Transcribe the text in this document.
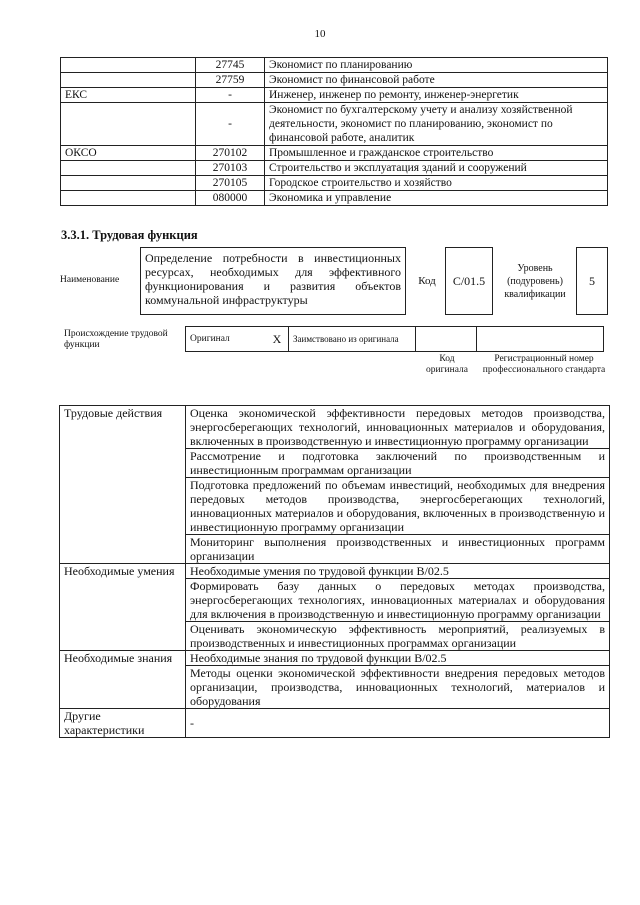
10
	27745	Экономист по планированию
	27759	Экономист по финансовой работе
ЕКС	-	Инженер, инженер по ремонту, инженер-энергетик
	-	Экономист по бухгалтерскому учету и анализу хозяйственной деятельности, экономист по планированию, экономист по финансовой работе, аналитик
ОКСО	270102	Промышленное и гражданское строительство
	270103	Строительство и эксплуатация зданий и сооружений
	270105	Городское строительство и хозяйство
	080000	Экономика и управление
3.3.1. Трудовая функция
Наименование
Определение потребности в инвестиционных ресурсах, необходимых для эффективного функционирования и развития объектов коммунальной инфраструктуры
Код	C/01.5
Уровень (подуровень) квалификации
5
Происхождение трудовой функции
Оригинал	X	Заимствовано из оригинала		
Код оригинала
Регистрационный номер профессионального стандарта
Трудовые действия	Оценка экономической эффективности передовых методов производства, энергосберегающих технологий, инновационных материалов и оборудования, включенных в производственную и инвестиционную программу организации
	Рассмотрение и подготовка заключений по производственным и инвестиционным программам организации
	Подготовка предложений по объемам инвестиций, необходимых для внедрения передовых методов производства, энергосберегающих технологий, инновационных материалов и оборудования, включенных в производственную и инвестиционную программу организации
	Мониторинг выполнения производственных и инвестиционных программ организации
Необходимые умения	Необходимые умения по трудовой функции B/02.5
	Формировать базу данных о передовых методах производства, энергосберегающих технологиях, инновационных материалах и оборудования для включения в производственную и инвестиционную программу организации
	Оценивать экономическую эффективность мероприятий, реализуемых в производственных и инвестиционных программах организации
Необходимые знания	Необходимые знания по трудовой функции B/02.5
	Методы оценки экономической эффективности внедрения передовых методов организации, производства, инновационных технологий, материалов и оборудования
Другие характеристики	-
